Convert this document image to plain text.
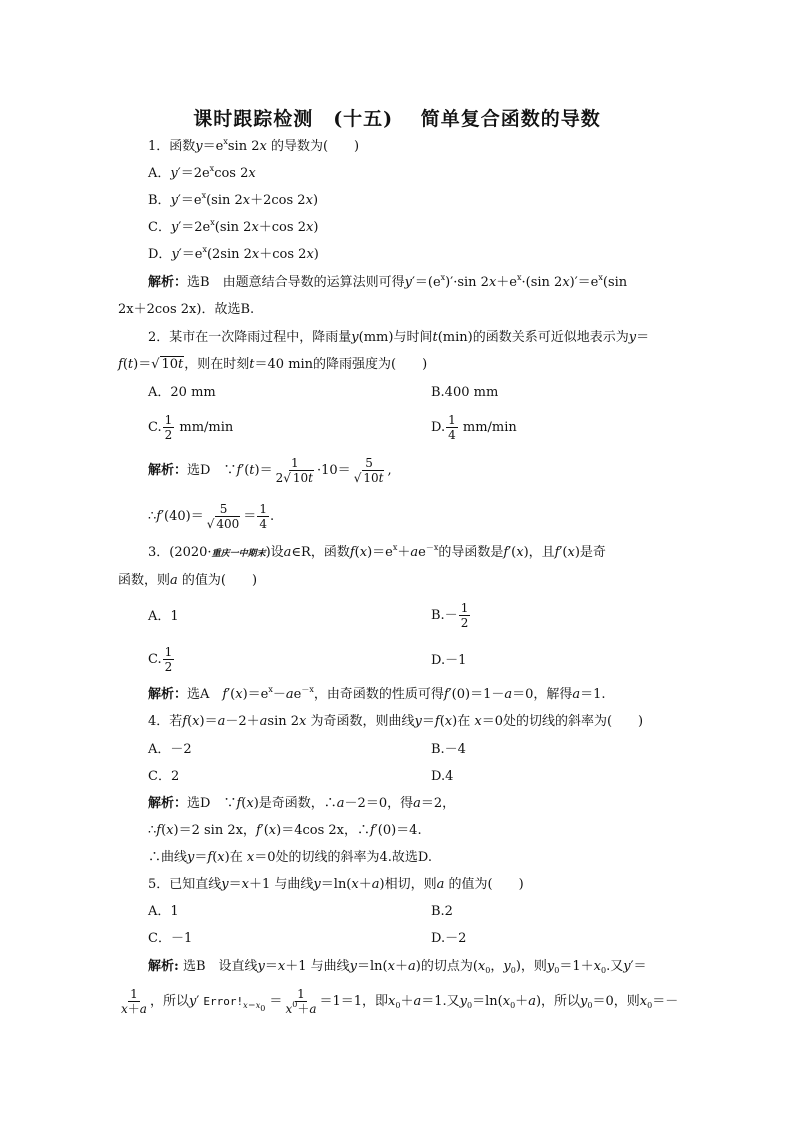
课时跟踪检测　(十五)　 简单复合函数的导数
1．函数$y=e^x\sin$ 2x 的导数为(　　)
A．$y'=2e^x\cos$ 2x
B．$y'=e^x(\sin$ 2x＋2cos 2x)
C．$y'=2e^x(\sin$ 2x＋cos 2x)
D．$y'=e^x(2\sin$ 2x＋cos 2x)
解析：选B　由题意结合导数的运算法则可得$y'=(e^x)'\cdot\sin$ $2x+e^x\cdot(\sin$ $2x)'=e^x(\sin$
2x＋2cos 2x)．故选B.
2．某市在一次降雨过程中，降雨量y(mm)与时间t(min)的函数关系可近似地表示为y＝
f(t)＝√ 10t，则在时刻t＝40 min的降雨强度为(　　)
A．20 mm	B.400 mm
C. $\frac{1}{2} mm/\min$	D. $\frac{1}{4} mm/\min$
解析：选D　∵f′(t)＝ $\frac{1}{2√ 10t} \cdot 10= \frac{5}{√ 10t}$ ,
∴f′(40)＝ $\frac{5}{√ 400} = \frac{1}{4}$ .
3．(2020·重庆一中期末)设a∈R，函数$f(x)=e^x+ae^{-x}$的导函数是f′(x)，且f′(x)是奇
函数，则a 的值为(　　)
A．1	$B.- \frac{1}{2}$
C. $\frac{1}{2}$	D.－1
解析：选A　$f'(x)=e^x-ae^{-x}$，由奇函数的性质可得f′(0)＝1－a＝0，解得a＝1.
4．若f(x)＝a－2＋asin 2x 为奇函数，则曲线y＝f(x)在 x＝0处的切线的斜率为(　　)
A．－2	B.－4
C．2	D.4
解析：选D　∵f(x)是奇函数，∴a－2＝0，得a＝2，
∴f(x)＝2 sin 2x，f′(x)＝4cos 2x，∴f′(0)＝4.
∴曲线y＝f(x)在 x＝0处的切线的斜率为4.故选D.
5．已知直线y＝x＋1 与曲线y＝ln(x＋a)相切，则a 的值为(　　)
A．1	B.2
C．－1	D.－2
解析: 选B　设直线y＝x＋1 与曲线y＝ln(x＋a)的切点为($x_0$，$y_0$)，则$y_0=1+x_0$.又y′＝
$\frac{1}{x+a}$ ，所以y′ $Error!_{x=x_0} = \frac{1}{x^0+a} =1=1$，即$x_0+a=1$.又$y_0=\ln(x_0+a)$，所以$y_0=0$，则$x_0=-$
